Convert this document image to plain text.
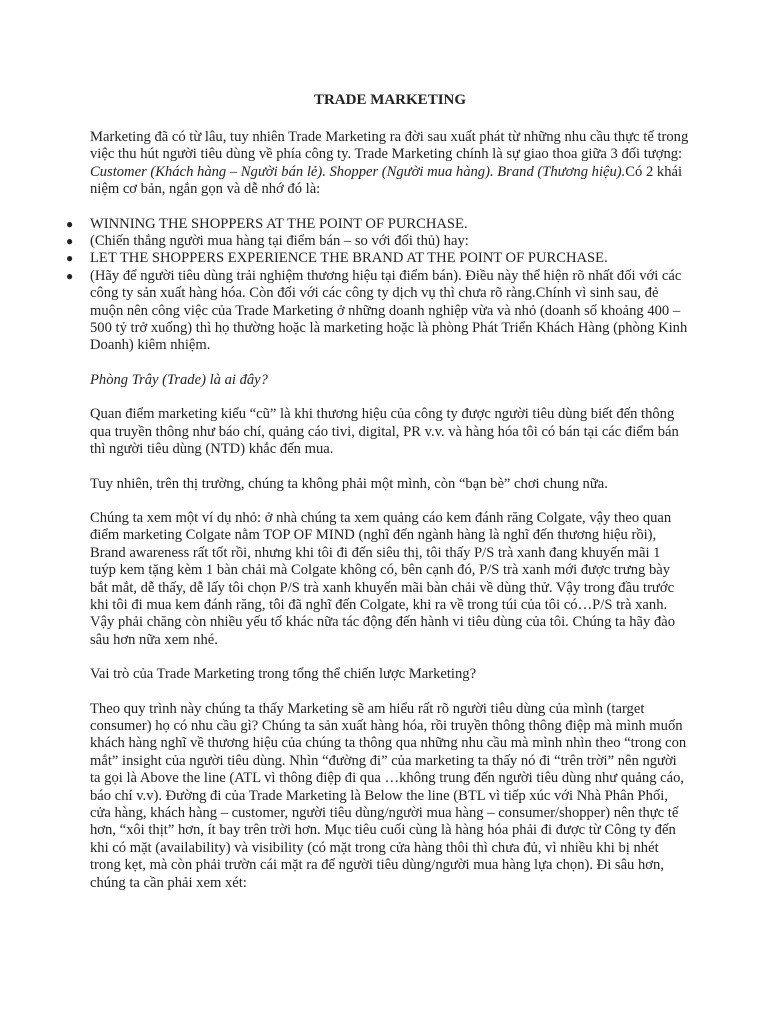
TRADE MARKETING

Marketing đã có từ lâu, tuy nhiên Trade Marketing ra đời sau xuất phát từ những nhu cầu thực tế trong việc thu hút người tiêu dùng về phía công ty. Trade Marketing chính là sự giao thoa giữa 3 đối tượng: Customer (Khách hàng – Người bán lẻ). Shopper (Người mua hàng). Brand (Thương hiệu).Có 2 khái niệm cơ bản, ngắn gọn và dễ nhớ đó là:

● WINNING THE SHOPPERS AT THE POINT OF PURCHASE.
● (Chiến thắng người mua hàng tại điểm bán – so với đối thủ) hay:
● LET THE SHOPPERS EXPERIENCE THE BRAND AT THE POINT OF PURCHASE.
● (Hãy để người tiêu dùng trải nghiệm thương hiệu tại điểm bán). Điều này thể hiện rõ nhất đối với các công ty sản xuất hàng hóa. Còn đối với các công ty dịch vụ thì chưa rõ ràng.Chính vì sinh sau, đẻ muộn nên công việc của Trade Marketing ở những doanh nghiệp vừa và nhỏ (doanh số khoảng 400 – 500 tỷ trở xuống) thì họ thường hoặc là marketing hoặc là phòng Phát Triển Khách Hàng (phòng Kinh Doanh) kiêm nhiệm.

Phòng Trây (Trade) là ai đây?

Quan điểm marketing kiểu “cũ” là khi thương hiệu của công ty được người tiêu dùng biết đến thông qua truyền thông như báo chí, quảng cáo tivi, digital, PR v.v. và hàng hóa tôi có bán tại các điểm bán thì người tiêu dùng (NTD) khắc đến mua.

Tuy nhiên, trên thị trường, chúng ta không phải một mình, còn “bạn bè” chơi chung nữa.

Chúng ta xem một ví dụ nhỏ: ở nhà chúng ta xem quảng cáo kem đánh răng Colgate, vậy theo quan điểm marketing Colgate nằm TOP OF MIND (nghĩ đến ngành hàng là nghĩ đến thương hiệu rồi), Brand awareness rất tốt rồi, nhưng khi tôi đi đến siêu thị, tôi thấy P/S trà xanh đang khuyến mãi 1 tuýp kem tặng kèm 1 bàn chải mà Colgate không có, bên cạnh đó, P/S trà xanh mới được trưng bày bắt mắt, dễ thấy, dễ lấy tôi chọn P/S trà xanh khuyến mãi bàn chải về dùng thử. Vậy trong đầu trước khi tôi đi mua kem đánh răng, tôi đã nghĩ đến Colgate, khi ra về trong túi của tôi có…P/S trà xanh. Vậy phải chăng còn nhiều yếu tố khác nữa tác động đến hành vi tiêu dùng của tôi. Chúng ta hãy đào sâu hơn nữa xem nhé.

Vai trò của Trade Marketing trong tổng thể chiến lược Marketing?

Theo quy trình này chúng ta thấy Marketing sẽ am hiểu rất rõ người tiêu dùng của mình (target consumer) họ có nhu cầu gì? Chúng ta sản xuất hàng hóa, rồi truyền thông thông điệp mà mình muốn khách hàng nghĩ về thương hiệu của chúng ta thông qua những nhu cầu mà mình nhìn theo “trong con mắt” insight của người tiêu dùng. Nhìn “đường đi” của marketing ta thấy nó đi “trên trời” nên người ta gọi là Above the line (ATL vì thông điệp đi qua …không trung đến người tiêu dùng như quảng cáo, báo chí v.v). Đường đi của Trade Marketing là Below the line (BTL vì tiếp xúc với Nhà Phân Phối, cửa hàng, khách hàng – customer, người tiêu dùng/người mua hàng – consumer/shopper) nên thực tế hơn, “xôi thịt” hơn, ít bay trên trời hơn. Mục tiêu cuối cùng là hàng hóa phải đi được từ Công ty đến khi có mặt (availability) và visibility (có mặt trong cửa hàng thôi thì chưa đủ, vì nhiều khi bị nhét trong kẹt, mà còn phải trườn cái mặt ra để người tiêu dùng/người mua hàng lựa chọn). Đi sâu hơn, chúng ta cần phải xem xét:
